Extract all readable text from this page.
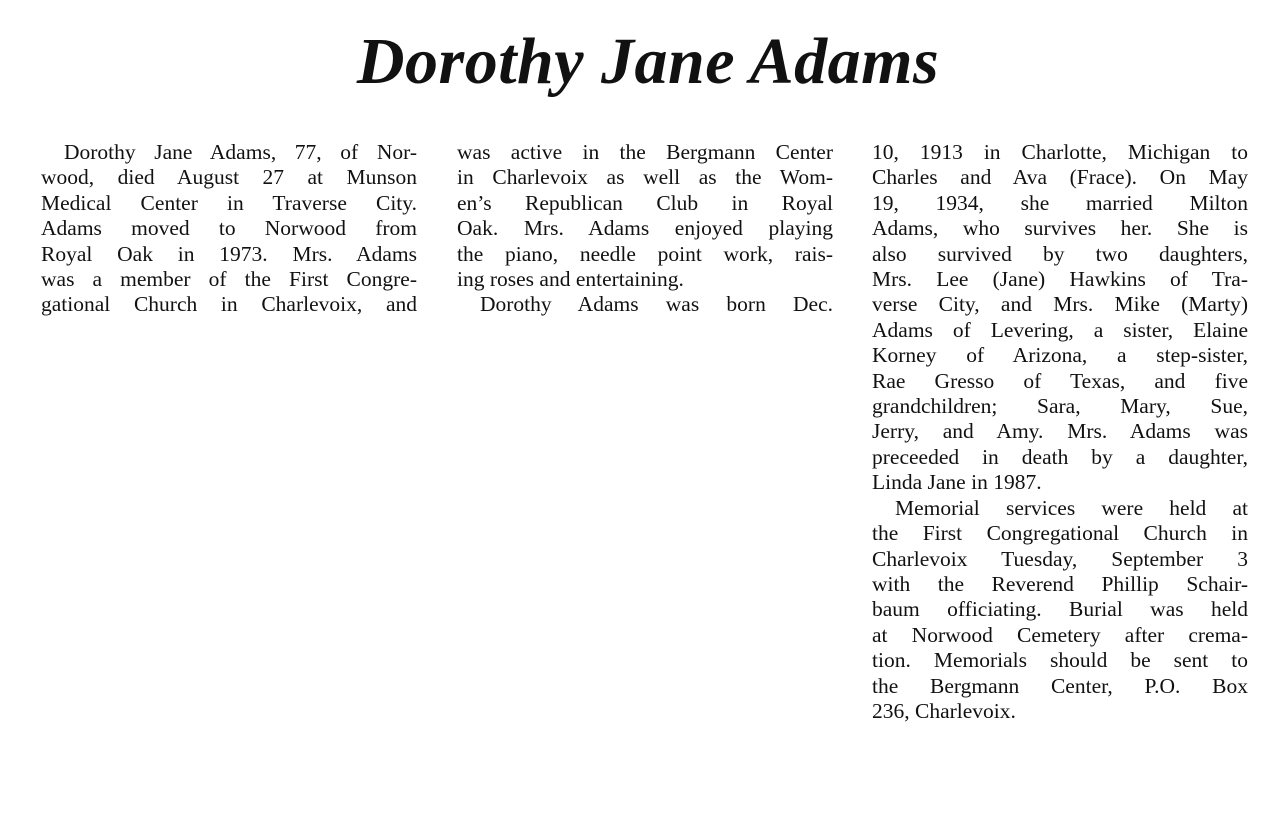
Dorothy Jane Adams
Dorothy Jane Adams, 77, of Nor-
wood, died August 27 at Munson
Medical Center in Traverse City.
Adams moved to Norwood from
Royal Oak in 1973. Mrs. Adams
was a member of the First Congre-
gational Church in Charlevoix, and
was active in the Bergmann Center
in Charlevoix as well as the Wom-
en’s Republican Club in Royal
Oak. Mrs. Adams enjoyed playing
the piano, needle point work, rais-
ing roses and entertaining.
Dorothy Adams was born Dec.
10, 1913 in Charlotte, Michigan to
Charles and Ava (Frace). On May
19, 1934, she married Milton
Adams, who survives her. She is
also survived by two daughters,
Mrs. Lee (Jane) Hawkins of Tra-
verse City, and Mrs. Mike (Marty)
Adams of Levering, a sister, Elaine
Korney of Arizona, a step-sister,
Rae Gresso of Texas, and five
grandchildren; Sara, Mary, Sue,
Jerry, and Amy. Mrs. Adams was
preceeded in death by a daughter,
Linda Jane in 1987.
Memorial services were held at
the First Congregational Church in
Charlevoix Tuesday, September 3
with the Reverend Phillip Schair-
baum officiating. Burial was held
at Norwood Cemetery after crema-
tion. Memorials should be sent to
the Bergmann Center, P.O. Box
236, Charlevoix.
